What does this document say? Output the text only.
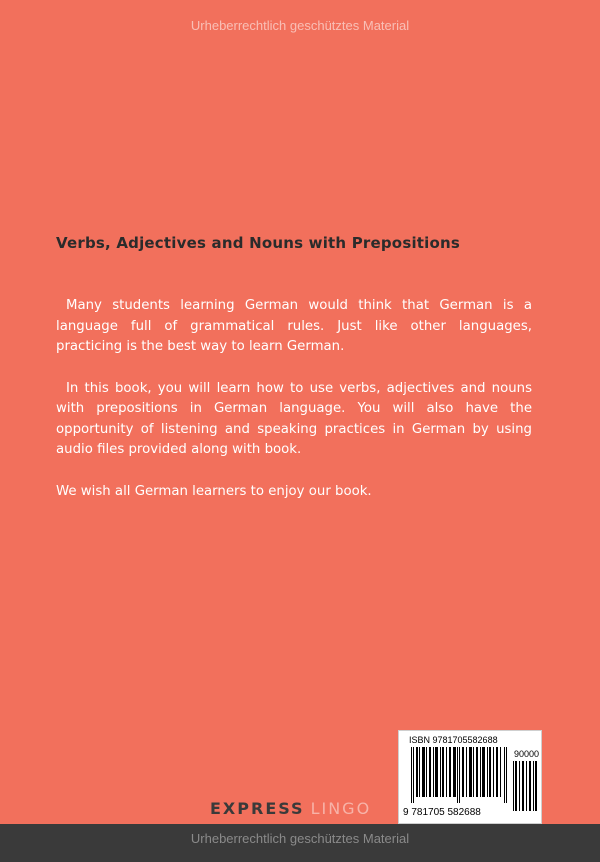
Urheberrechtlich geschütztes Material
Verbs, Adjectives and Nouns with Prepositions

Many students learning German would think that German is a language full of grammatical rules. Just like other languages, practicing is the best way to learn German.

In this book, you will learn how to use verbs, adjectives and nouns with prepositions in German language. You will also have the opportunity of listening and speaking practices in German by using audio files provided along with book.

We wish all German learners to enjoy our book.

EXPRESS LINGO
Urheberrechtlich geschütztes Material
ISBN 9781705582688
90000
9 781705 582688
